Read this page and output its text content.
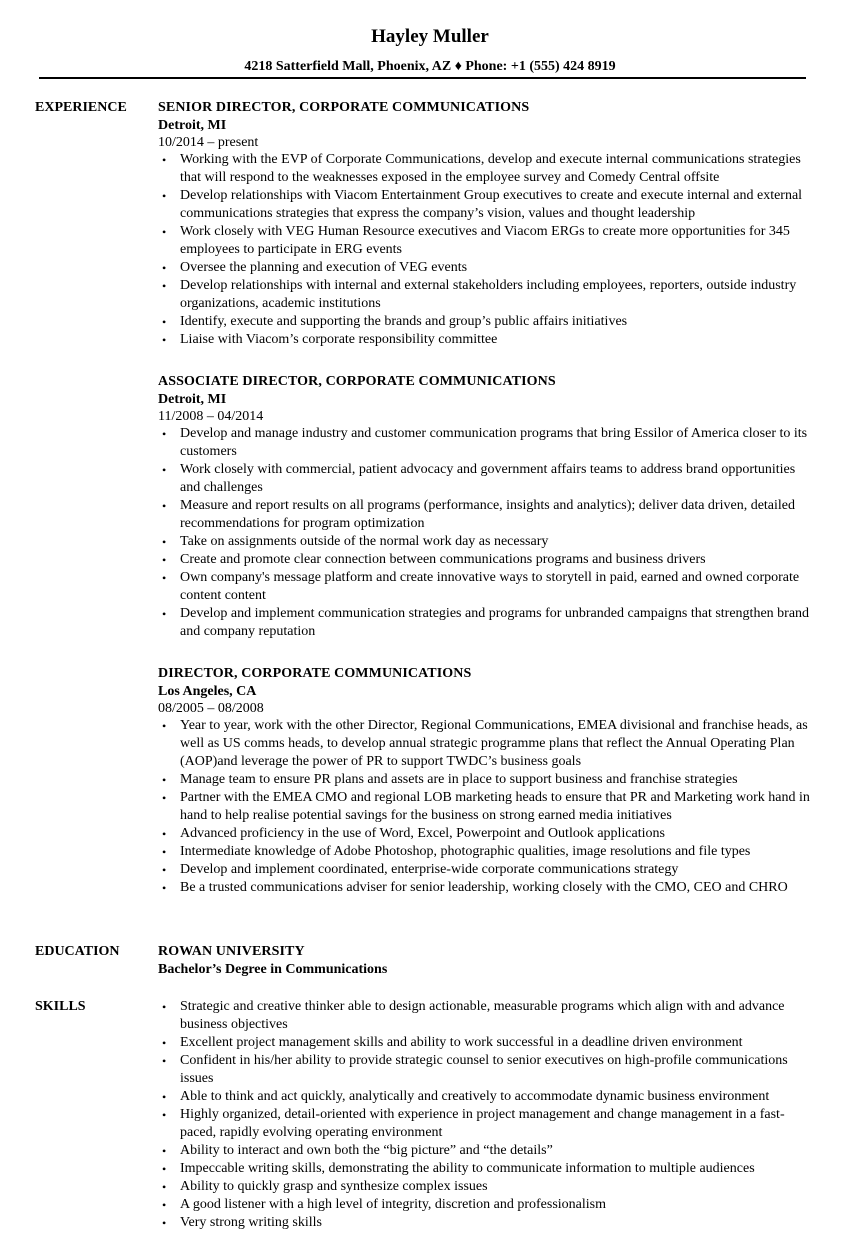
Hayley Muller
4218 Satterfield Mall, Phoenix, AZ ♦ Phone: +1 (555) 424 8919
EXPERIENCE SENIOR DIRECTOR, CORPORATE COMMUNICATIONS
Detroit, MI
10/2014 – present
• Working with the EVP of Corporate Communications, develop and execute internal communications strategies that will respond to the weaknesses exposed in the employee survey and Comedy Central offsite
• Develop relationships with Viacom Entertainment Group executives to create and execute internal and external communications strategies that express the company’s vision, values and thought leadership
• Work closely with VEG Human Resource executives and Viacom ERGs to create more opportunities for 345 employees to participate in ERG events
• Oversee the planning and execution of VEG events
• Develop relationships with internal and external stakeholders including employees, reporters, outside industry organizations, academic institutions
• Identify, execute and supporting the brands and group’s public affairs initiatives
• Liaise with Viacom’s corporate responsibility committee
ASSOCIATE DIRECTOR, CORPORATE COMMUNICATIONS
Detroit, MI
11/2008 – 04/2014
• Develop and manage industry and customer communication programs that bring Essilor of America closer to its customers
• Work closely with commercial, patient advocacy and government affairs teams to address brand opportunities and challenges
• Measure and report results on all programs (performance, insights and analytics); deliver data driven, detailed recommendations for program optimization
• Take on assignments outside of the normal work day as necessary
• Create and promote clear connection between communications programs and business drivers
• Own company's message platform and create innovative ways to storytell in paid, earned and owned corporate content content
• Develop and implement communication strategies and programs for unbranded campaigns that strengthen brand and company reputation
DIRECTOR, CORPORATE COMMUNICATIONS
Los Angeles, CA
08/2005 – 08/2008
• Year to year, work with the other Director, Regional Communications, EMEA divisional and franchise heads, as well as US comms heads, to develop annual strategic programme plans that reflect the Annual Operating Plan (AOP)and leverage the power of PR to support TWDC’s business goals
• Manage team to ensure PR plans and assets are in place to support business and franchise strategies
• Partner with the EMEA CMO and regional LOB marketing heads to ensure that PR and Marketing work hand in hand to help realise potential savings for the business on strong earned media initiatives
• Advanced proficiency in the use of Word, Excel, Powerpoint and Outlook applications
• Intermediate knowledge of Adobe Photoshop, photographic qualities, image resolutions and file types
• Develop and implement coordinated, enterprise-wide corporate communications strategy
• Be a trusted communications adviser for senior leadership, working closely with the CMO, CEO and CHRO
EDUCATION	ROWAN UNIVERSITY
Bachelor’s Degree in Communications
SKILLS
•	Strategic and creative thinker able to design actionable, measurable programs which align with and advance business objectives
• Excellent project management skills and ability to work successful in a deadline driven environment
• Confident in his/her ability to provide strategic counsel to senior executives on high-profile communications issues
• Able to think and act quickly, analytically and creatively to accommodate dynamic business environment
• Highly organized, detail-oriented with experience in project management and change management in a fast-paced, rapidly evolving operating environment
• Ability to interact and own both the “big picture” and “the details”
• Impeccable writing skills, demonstrating the ability to communicate information to multiple audiences
• Ability to quickly grasp and synthesize complex issues
• A good listener with a high level of integrity, discretion and professionalism
• Very strong writing skills
